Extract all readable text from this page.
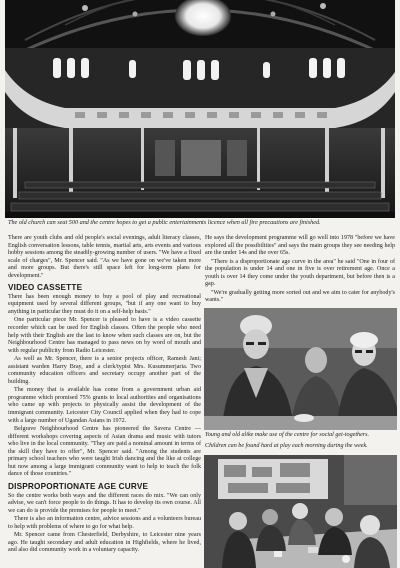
The old church can seat 500 and the centre hopes to get a public entertainments licence when all fire precautions are finished.

There are youth clubs and old people's social evenings, adult literacy classes, English conversation lessons, table tennis, martial arts, arts events and various hobby sessions among the steadily-growing number of users. "We have a fixed scale of charges", Mr. Spencer said. "As we have gone on we've taken more and more groups. But there's still space left for long-term plans for development."

VIDEO CASSETTE

There has been enough money to buy a pool of play and recreational equipment used by several different groups, "but if any one want to buy anything in particular they must do it on a self-help basis."

One particular piece Mr. Spencer is pleased to have is a video cassette recorder which can be used for English classes. Often the people who need help with their English are the last to know when such classes are on, but the Neighbourhood Centre has managed to pass news on by word of mouth and with regular publicity from Radio Leicester.

As well as Mr. Spencer, there is a senior projects officer, Ramesh Jani; assistant warden Harry Bray, and a clerk/typist Mrs. Kusummerjaria. Two community education officers and secretary occupy another part of the building.

The money that is available has come from a government urban aid programme which promised 75% grants to local authorities and organisations who came up with projects to physically assist the development of the immigrant community. Leicester City Council applied when they had to cope with a large number of Ugandan Asians in 1972.

Belgrave Neighbourhood Centre has pioneered the Savera Centre —different workshops covering aspects of Asian drama and music with tutors who live in the local community. "They are paid a nominal amount in terms of the skill they have to offer", Mr. Spencer said. "Among the students are primary school teachers who were taught Irish dancing and the like at college but now among a large immigrant community want to help to teach the folk dance of those countries."

DISPROPORTIONATE AGE CURVE

So the centre works both ways and the different races do mix. "We can only advise, we can't force people to do things. It has to develop its own course. All we can do is provide the premises for people to meet."

There is also an information centre, advice sessions and a volunteers bureau to help with problems of where to go for what help.

Mr. Spencer came from Chesterfield, Derbyshire, to Leicester nine years ago. He taught secondary and adult education in Highfields, where he lived, and also did community work in a voluntary capacity.

He says the development programme will go well into 1978 "before we have explored all the possibilities" and says the main groups they see needing help are the under 14s and the over 65s.

"There is a disproportionate age curve in the area" he said "One in four of the population is under 14 and one in five is over retirement age. Once a youth is over 14 they come under the youth department, but before then is a gap.

"We're gradually getting more sorted out and we aim to cater for anybody's wants."

Young and old alike make use of the centre for social get-togethers.
Children can be found hard at play each morning during the week.
